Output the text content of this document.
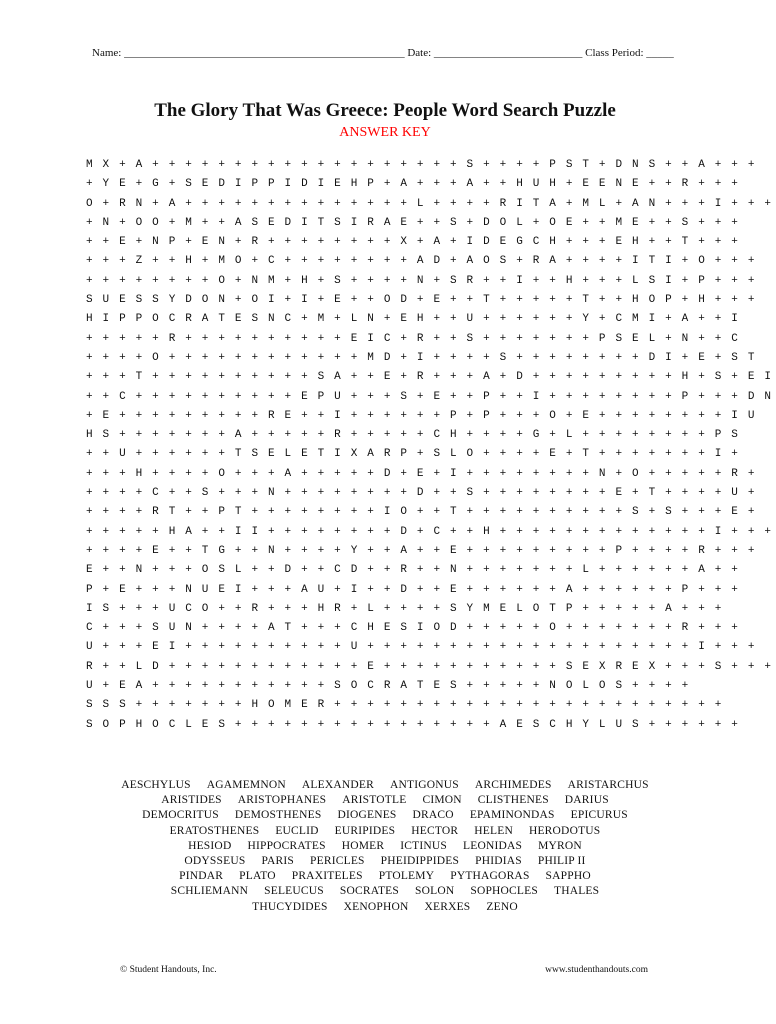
Name: ___________________________________________________ Date: ___________________________ Class Period: _____
The Glory That Was Greece: People Word Search Puzzle
ANSWER KEY
M X + A + + + + + + + + + + + + + + + + + + + S + + + + P S T + D N S + + A + + +
+ Y E + G + S E D I P P I D I E H P + A + + + A + + H U H + E E N E + + R + + +
O + R N + A + + + + + + + + + + + + + + L + + + + R I T A + M L + A N + + + I + + +
+ N + O O + M + + A S E D I T S I R A E + + S + D O L + O E + + M E + + S + + +
+ + E + N P + E N + R + + + + + + + + X + A + I D E G C H + + + E H + + T + + +
+ + + Z + + H + M O + C + + + + + + + + A D + A O S + R A + + + + I T I + O + + +
+ + + + + + + + O + N M + H + S + + + + N + S R + + I + + H + + + L S I + P + + +
S U E S S Y D O N + O I + I + E + + O D + E + + T + + + + + T + + H O P + H + + +
H I P P O C R A T E S N C + M + L N + E H + + U + + + + + + Y + C M I + A + + I
+ + + + + R + + + + + + + + + + E I C + R + + S + + + + + + + P S E L + N + + C
+ + + + O + + + + + + + + + + + + M D + I + + + + S + + + + + + + + D I + E + S T
+ + + T + + + + + + + + + + S A + + E + R + + + A + D + + + + + + + + + H + S + E I
+ + C + + + + + + + + + + E P U + + + S + E + + P + + I + + + + + + + + P + + + D N
+ E + + + + + + + + + R E + + I + + + + + + P + P + + + O + E + + + + + + + + I U
H S + + + + + + + A + + + + + R + + + + + C H + + + + G + L + + + + + + + + P S
+ + U + + + + + + T S E L E T I X A R P + S L O + + + + E + T + + + + + + + I +
+ + + H + + + + O + + + A + + + + + D + E + I + + + + + + + + N + O + + + + + R +
+ + + + C + + S + + + N + + + + + + + + D + + S + + + + + + + + E + T + + + + U +
+ + + + R T + + P T + + + + + + + + I O + + T + + + + + + + + + + S + S + + + E +
+ + + + + H A + + I I + + + + + + + + D + C + + H + + + + + + + + + + + + + I + + +
+ + + + E + + T G + + N + + + + Y + + A + + E + + + + + + + + + P + + + + R + + +
E + + N + + + O S L + + D + + C D + + R + + N + + + + + + + L + + + + + + A + +
P + E + + + N U E I + + + A U + I + + D + + E + + + + + + A + + + + + + P + + +
I S + + + U C O + + R + + + H R + L + + + + S Y M E L O T P + + + + + A + + +
C + + + S U N + + + + A T + + + C H E S I O D + + + + + O + + + + + + + R + + +
U + + + E I + + + + + + + + + + U + + + + + + + + + + + + + + + + + + + + I + + +
R + + L D + + + + + + + + + + + + E + + + + + + + + + + + S E X R E X + + + S + + +
U + E A + + + + + + + + + + + S O C R A T E S + + + + + N O L O S + + + +
S S S + + + + + + + H O M E R + + + + + + + + + + + + + + + + + + + + + + + +
S O P H O C L E S + + + + + + + + + + + + + + + + A E S C H Y L U S + + + + + +
AESCHYLUS AGAMEMNON ALEXANDER ANTIGONUS ARCHIMEDES ARISTARCHUS
ARISTIDES ARISTOPHANES ARISTOTLE CIMON CLISTHENES DARIUS
DEMOCRITUS DEMOSTHENES DIOGENES DRACO EPAMINONDAS EPICURUS
ERATOSTHENES EUCLID EURIPIDES HECTOR HELEN HERODOTUS
HESIOD HIPPOCRATES HOMER ICTINUS LEONIDAS MYRON
ODYSSEUS PARIS PERICLES PHEIDIPPIDES PHIDIAS PHILIP II
PINDAR PLATO PRAXITELES PTOLEMY PYTHAGORAS SAPPHO
SCHLIEMANN SELEUCUS SOCRATES SOLON SOPHOCLES THALES
THUCYDIDES XENOPHON XERXES ZENO
© Student Handouts, Inc.	www.studenthandouts.com
